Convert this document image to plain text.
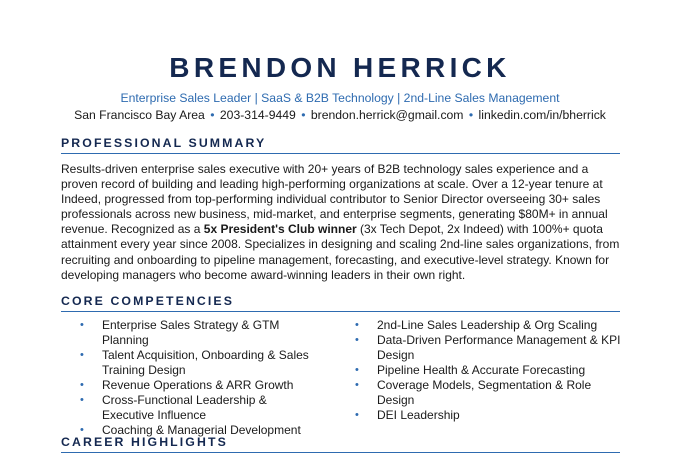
BRENDON HERRICK
Enterprise Sales Leader | SaaS & B2B Technology | 2nd-Line Sales Management
San Francisco Bay Area • 203-314-9449 • brendon.herrick@gmail.com • linkedin.com/in/bherrick
PROFESSIONAL SUMMARY
Results-driven enterprise sales executive with 20+ years of B2B technology sales experience and a proven record of building and leading high-performing organizations at scale. Over a 12-year tenure at Indeed, progressed from top-performing individual contributor to Senior Director overseeing 30+ sales professionals across new business, mid-market, and enterprise segments, generating $80M+ in annual revenue. Recognized as a 5x President's Club winner (3x Tech Depot, 2x Indeed) with 100%+ quota attainment every year since 2008. Specializes in designing and scaling 2nd-line sales organizations, from recruiting and onboarding to pipeline management, forecasting, and executive-level strategy. Known for developing managers who become award-winning leaders in their own right.
CORE COMPETENCIES
• Enterprise Sales Strategy & GTM Planning
• Talent Acquisition, Onboarding & Sales Training Design
• Revenue Operations & ARR Growth
• Cross-Functional Leadership & Executive Influence
• Coaching & Managerial Development
• 2nd-Line Sales Leadership & Org Scaling
• Data-Driven Performance Management & KPI Design
• Pipeline Health & Accurate Forecasting
• Coverage Models, Segmentation & Role Design
• DEI Leadership
CAREER HIGHLIGHTS
